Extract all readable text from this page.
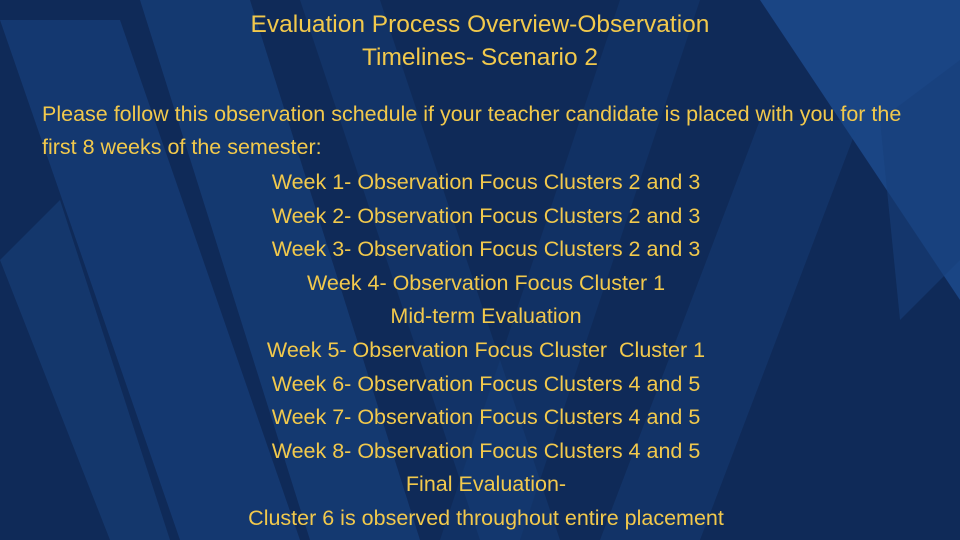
Evaluation Process Overview-Observation
Timelines- Scenario 2
Please follow this observation schedule if your teacher candidate is placed with you for the first 8 weeks of the semester:
Week 1- Observation Focus Clusters 2 and 3
Week 2- Observation Focus Clusters 2 and 3
Week 3- Observation Focus Clusters 2 and 3
Week 4- Observation Focus Cluster 1
Mid-term Evaluation
Week 5- Observation Focus Cluster  Cluster 1
Week 6- Observation Focus Clusters 4 and 5
Week 7- Observation Focus Clusters 4 and 5
Week 8- Observation Focus Clusters 4 and 5
Final Evaluation-
Cluster 6 is observed throughout entire placement
